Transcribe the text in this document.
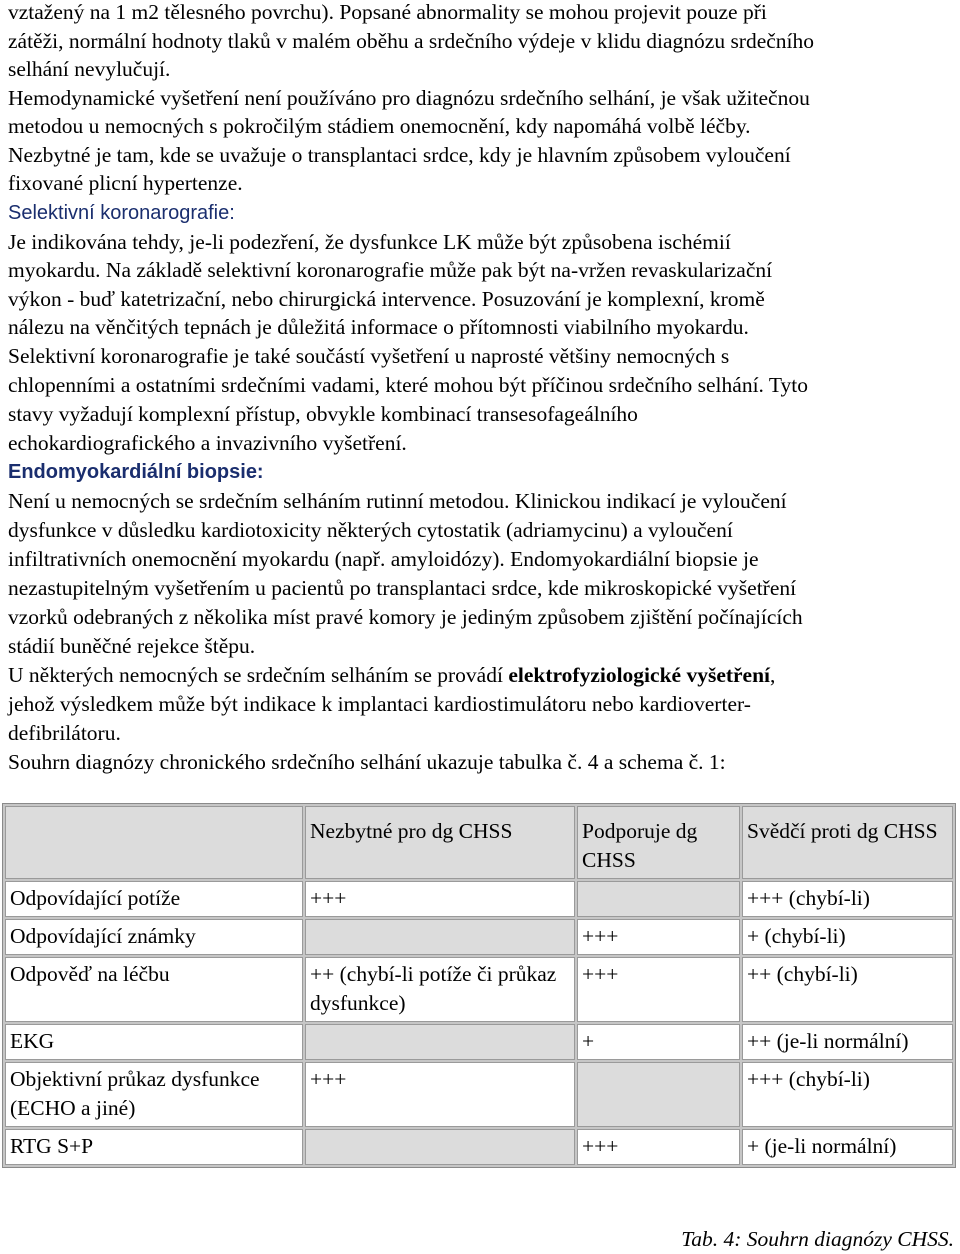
vztažený na 1 m2 tělesného povrchu). Popsané abnormality se mohou projevit pouze při
zátěži, normální hodnoty tlaků v malém oběhu a srdečního výdeje v klidu diagnózu srdečního
selhání nevylučují.
Hemodynamické vyšetření není používáno pro diagnózu srdečního selhání, je však užitečnou
metodou u nemocných s pokročilým stádiem onemocnění, kdy napomáhá volbě léčby.
Nezbytné je tam, kde se uvažuje o transplantaci srdce, kdy je hlavním způsobem vyloučení
fixované plicní hypertenze.
Selektivní koronarografie:
Je indikována tehdy, je-li podezření, že dysfunkce LK může být způsobena ischémií
myokardu. Na základě selektivní koronarografie může pak být na-vržen revaskularizační
výkon - buď katetrizační, nebo chirurgická intervence. Posuzování je komplexní, kromě
nálezu na věnčitých tepnách je důležitá informace o přítomnosti viabilního myokardu.
Selektivní koronarografie je také součástí vyšetření u naprosté většiny nemocných s
chlopenními a ostatními srdečními vadami, které mohou být příčinou srdečního selhání. Tyto
stavy vyžadují komplexní přístup, obvykle kombinací transesofageálního
echokardiografického a invazivního vyšetření.
Endomyokardiální biopsie:
Není u nemocných se srdečním selháním rutinní metodou. Klinickou indikací je vyloučení
dysfunkce v důsledku kardiotoxicity některých cytostatik (adriamycinu) a vyloučení
infiltrativních onemocnění myokardu (např. amyloidózy). Endomyokardiální biopsie je
nezastupitelným vyšetřením u pacientů po transplantaci srdce, kde mikroskopické vyšetření
vzorků odebraných z několika míst pravé komory je jediným způsobem zjištění počínajících
stádií buněčné rejekce štěpu.
U některých nemocných se srdečním selháním se provádí elektrofyziologické vyšetření,
jehož výsledkem může být indikace k implantaci kardiostimulátoru nebo kardioverter-
defibrilátoru.
Souhrn diagnózy chronického srdečního selhání ukazuje tabulka č. 4 a schema č. 1:
	Nezbytné pro dg CHSS	Podporuje dg CHSS	Svědčí proti dg CHSS
Odpovídající potíže	+++		+++ (chybí-li)
Odpovídající známky		+++	+ (chybí-li)
Odpověď na léčbu	++ (chybí-li potíže či průkaz dysfunkce)	+++	++ (chybí-li)
EKG		+	++ (je-li normální)
Objektivní průkaz dysfunkce (ECHO a jiné)	+++		+++ (chybí-li)
RTG S+P		+++	+ (je-li normální)
Tab. 4: Souhrn diagnózy CHSS.
